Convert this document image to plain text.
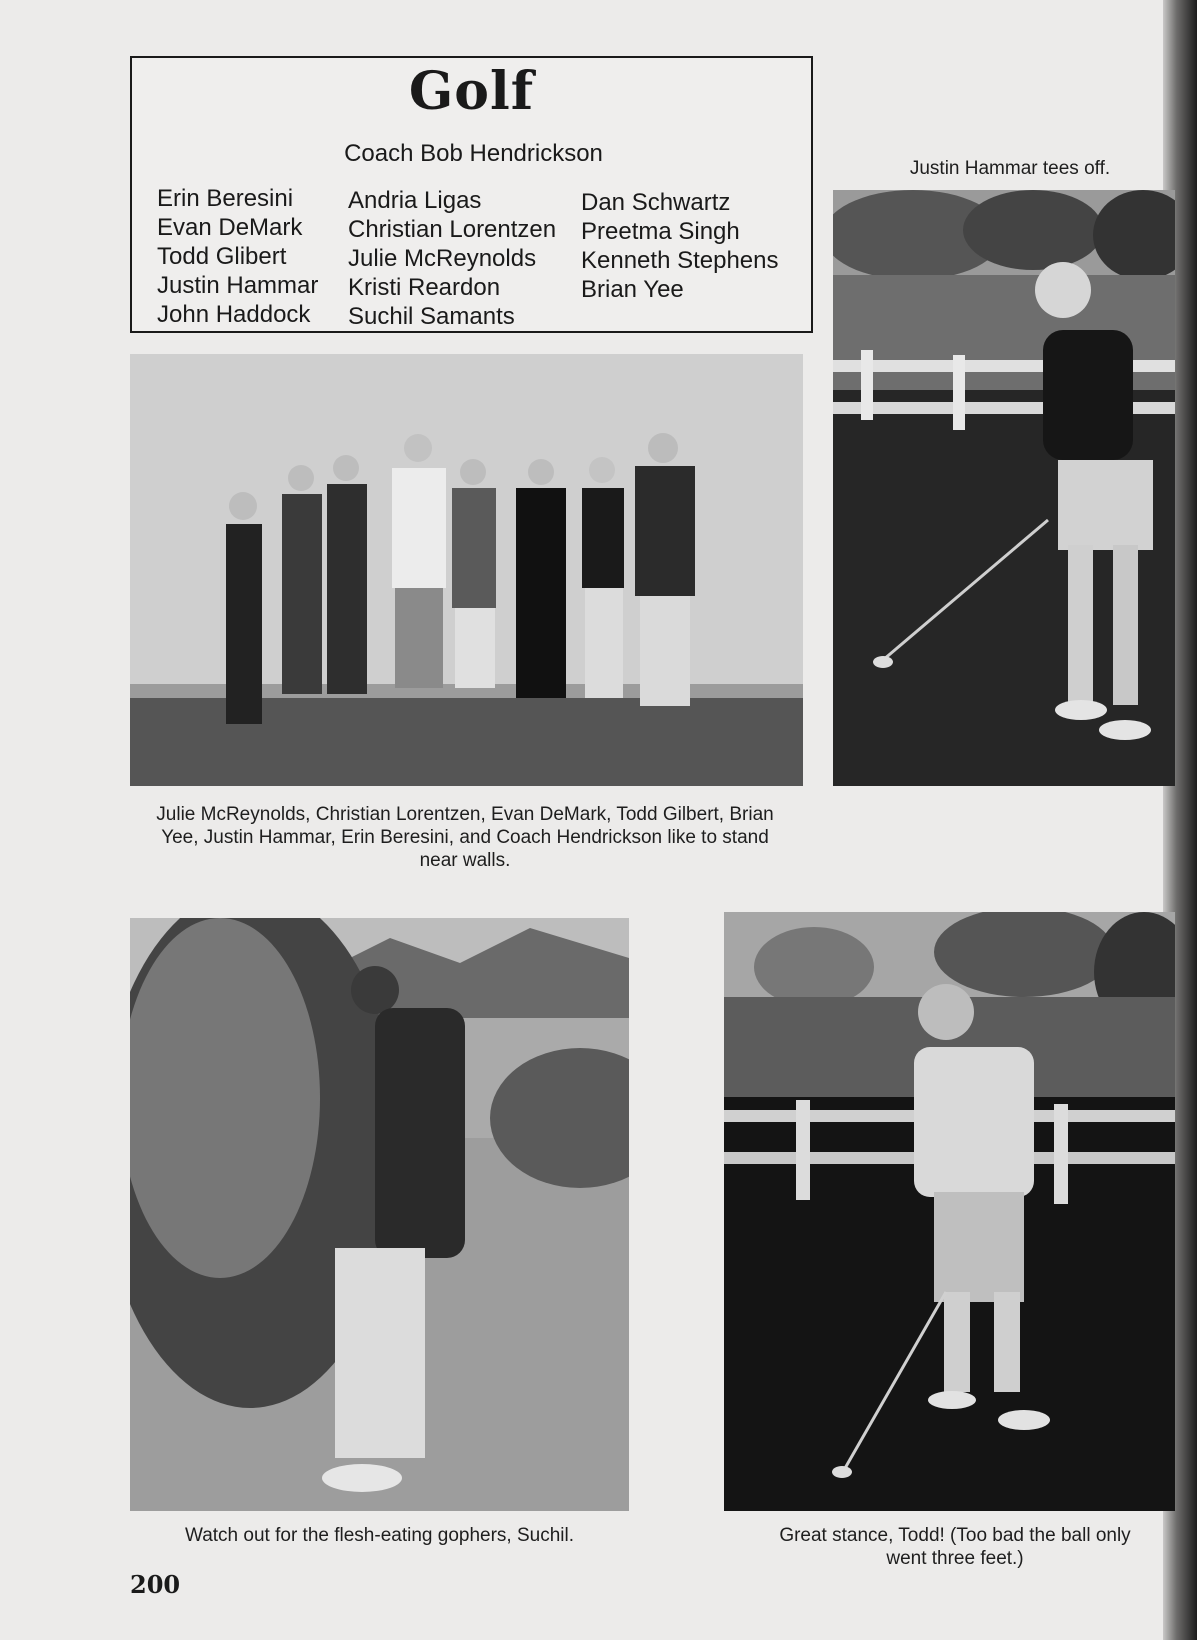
Golf
Coach Bob Hendrickson
Erin Beresini
Evan DeMark
Todd Glibert
Justin Hammar
John Haddock
Andria Ligas
Christian Lorentzen
Julie McReynolds
Kristi Reardon
Suchil Samants
Dan Schwartz
Preetma Singh
Kenneth Stephens
Brian Yee
Justin Hammar tees off.
Julie McReynolds, Christian Lorentzen, Evan DeMark, Todd Gilbert, Brian Yee, Justin Hammar, Erin Beresini, and Coach Hendrickson like to stand near walls.
Watch out for the flesh-eating gophers, Suchil.	Great stance, Todd! (Too bad the ball only went three feet.)
200
